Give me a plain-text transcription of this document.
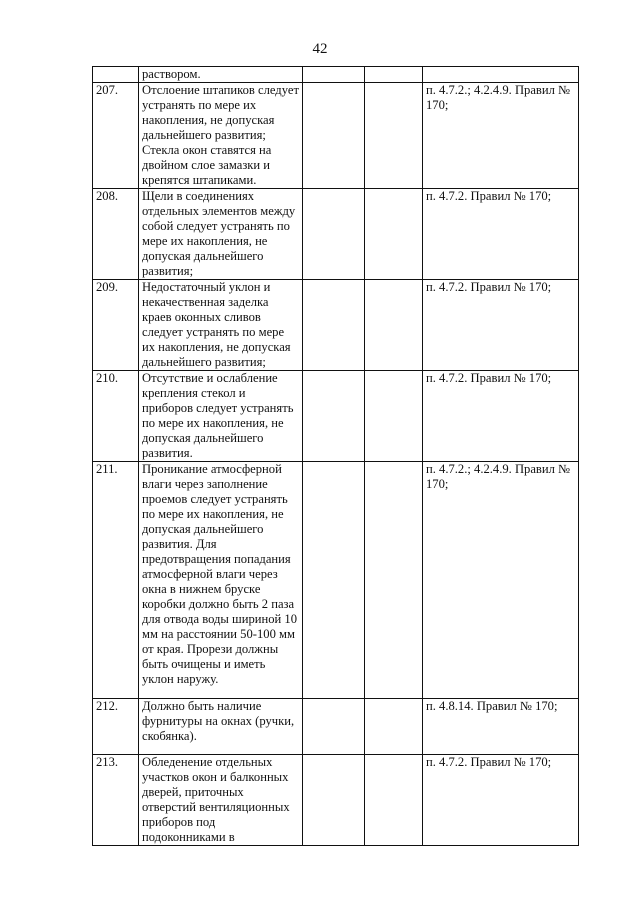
42
	раствором.			
207.	Отслоение штапиков следует устранять по мере их накопления, не допуская дальнейшего развития; Стекла окон ставятся на двойном слое замазки и крепятся штапиками.			п. 4.7.2.; 4.2.4.9. Правил № 170;
208.	Щели в соединениях отдельных элементов между собой следует устранять по мере их накопления, не допуская дальнейшего развития;			п. 4.7.2. Правил № 170;
209.	Недостаточный уклон и некачественная заделка краев оконных сливов следует устранять по мере их накопления, не допуская дальнейшего развития;			п. 4.7.2. Правил № 170;
210.	Отсутствие и ослабление крепления стекол и приборов следует устранять по мере их накопления, не допуская дальнейшего развития.			п. 4.7.2. Правил № 170;
211.	Проникание атмосферной влаги через заполнение проемов следует устранять по мере их накопления, не допуская дальнейшего развития. Для предотвращения попадания атмосферной влаги через окна в нижнем бруске коробки должно быть 2 паза для отвода воды шириной 10 мм на расстоянии 50-100 мм от края. Прорези должны быть очищены и иметь уклон наружу.			п. 4.7.2.; 4.2.4.9. Правил № 170;
212.	Должно быть наличие фурнитуры на окнах (ручки, скобянка).			п. 4.8.14. Правил № 170;
213.	Обледенение отдельных участков окон и балконных дверей, приточных отверстий вентиляционных приборов под подоконниками в			п. 4.7.2. Правил № 170;
